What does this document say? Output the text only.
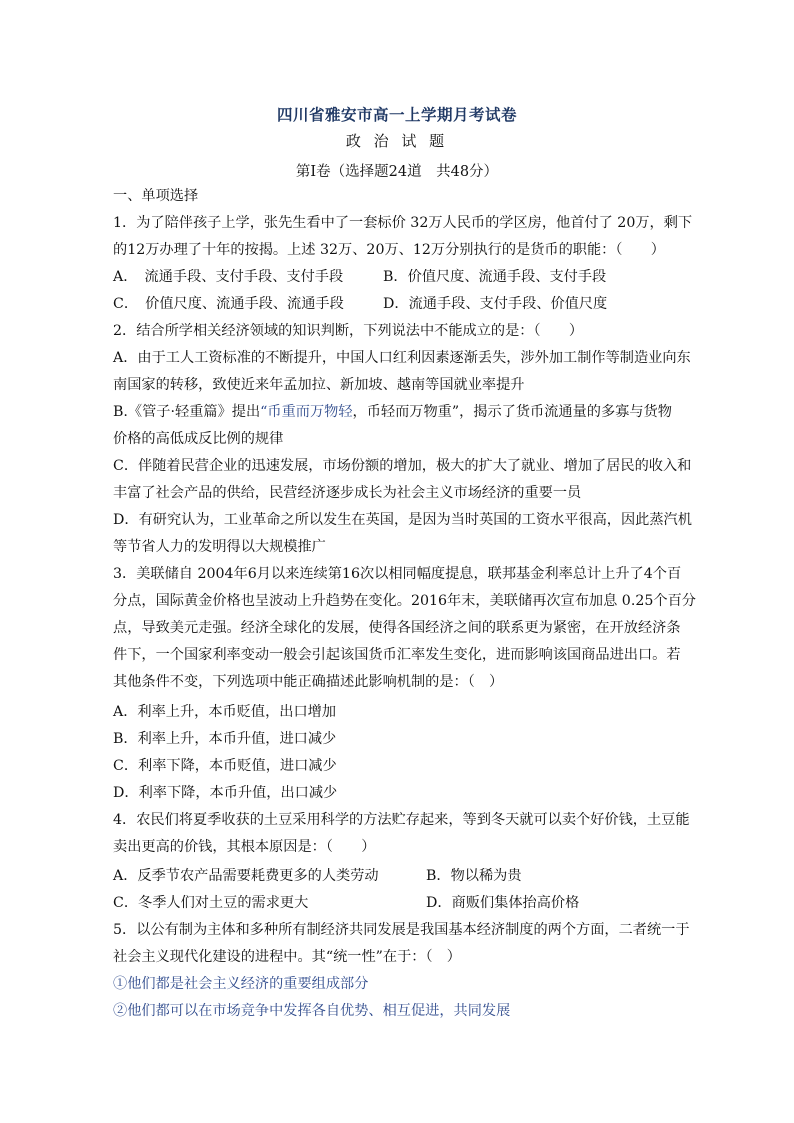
四川省雅安市高一上学期月考试卷
政 治 试 题
第Ⅰ卷（选择题24道　共48分）
一、单项选择
1．为了陪伴孩子上学，张先生看中了一套标价 32万人民币的学区房，他首付了 20万，剩下
的12万办理了十年的按揭。上述 32万、20万、12万分别执行的是货币的职能：（　　）
A．　流通手段、支付手段、支付手段	B．价值尺度、流通手段、支付手段
C．　价值尺度、流通手段、流通手段	D．流通手段、支付手段、价值尺度
2．结合所学相关经济领域的知识判断，下列说法中不能成立的是：（　　）
A．由于工人工资标准的不断提升，中国人口红利因素逐渐丢失，涉外加工制作等制造业向东
南国家的转移，致使近来年孟加拉、新加坡、越南等国就业率提升
B.《管子·轻重篇》提出“币重而万物轻，币轻而万物重”，揭示了货币流通量的多寡与货物
价格的高低成反比例的规律
C．伴随着民营企业的迅速发展，市场份额的增加，极大的扩大了就业、增加了居民的收入和
丰富了社会产品的供给，民营经济逐步成长为社会主义市场经济的重要一员
D．有研究认为，工业革命之所以发生在英国，是因为当时英国的工资水平很高，因此蒸汽机
等节省人力的发明得以大规模推广
3．美联储自 2004年6月以来连续第16次以相同幅度提息，联邦基金利率总计上升了4个百
分点，国际黄金价格也呈波动上升趋势在变化。2016年末，美联储再次宣布加息 0.25个百分
点，导致美元走强。经济全球化的发展，使得各国经济之间的联系更为紧密，在开放经济条
件下，一个国家利率变动一般会引起该国货币汇率发生变化，进而影响该国商品进出口。若
其他条件不变，下列选项中能正确描述此影响机制的是：（　）
A．利率上升，本币贬值，出口增加
B．利率上升，本币升值，进口减少
C．利率下降，本币贬值，进口减少
D．利率下降，本币升值，出口减少
4．农民们将夏季收获的土豆采用科学的方法贮存起来，等到冬天就可以卖个好价钱，土豆能
卖出更高的价钱，其根本原因是：（　　）
A．反季节农产品需要耗费更多的人类劳动	B．物以稀为贵
C．冬季人们对土豆的需求更大	D．商贩们集体抬高价格
5．以公有制为主体和多种所有制经济共同发展是我国基本经济制度的两个方面，二者统一于
社会主义现代化建设的进程中。其“统一性”在于：（　）
①他们都是社会主义经济的重要组成部分
②他们都可以在市场竞争中发挥各自优势、相互促进，共同发展
